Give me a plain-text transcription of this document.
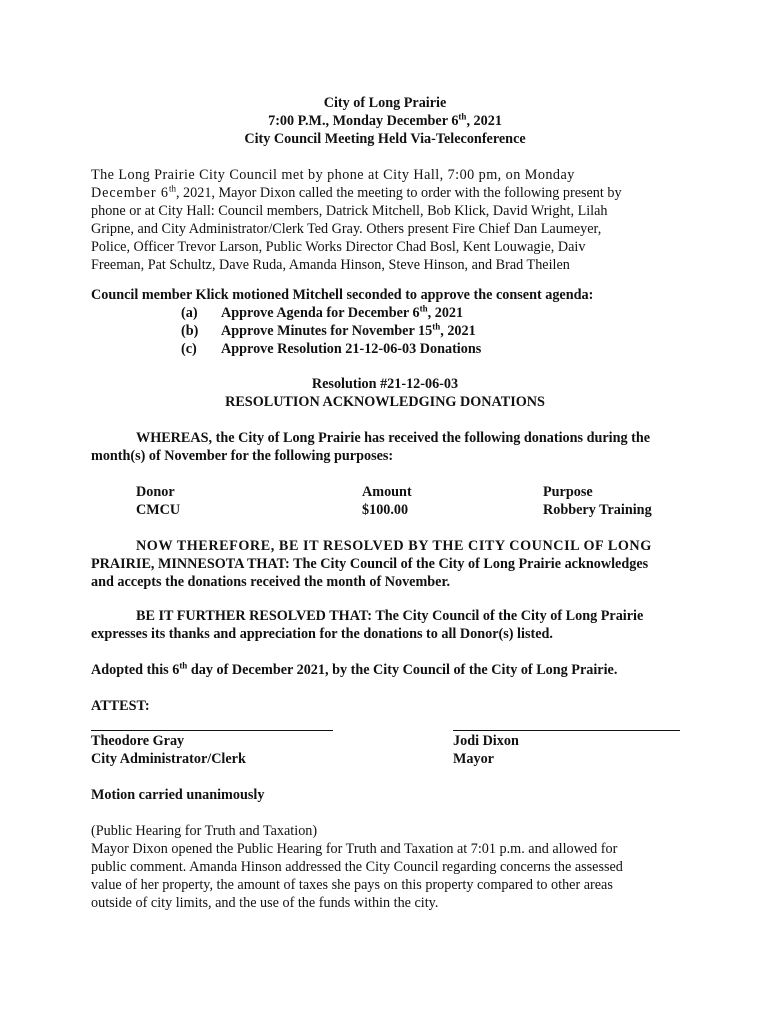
City of Long Prairie
7:00 P.M., Monday December 6th, 2021
City Council Meeting Held Via-Teleconference
The Long Prairie City Council met by phone at City Hall, 7:00 pm, on Monday
December 6th, 2021, Mayor Dixon called the meeting to order with the following present by
phone or at City Hall: Council members, Datrick Mitchell, Bob Klick, David Wright, Lilah
Gripne, and City Administrator/Clerk Ted Gray. Others present Fire Chief Dan Laumeyer,
Police, Officer Trevor Larson, Public Works Director Chad Bosl, Kent Louwagie, Daiv
Freeman, Pat Schultz, Dave Ruda, Amanda Hinson, Steve Hinson, and Brad Theilen
Council member Klick motioned Mitchell seconded to approve the consent agenda:
(a) Approve Agenda for December 6th, 2021
(b) Approve Minutes for November 15th, 2021
(c) Approve Resolution 21-12-06-03 Donations
Resolution #21-12-06-03
RESOLUTION ACKNOWLEDGING DONATIONS
WHEREAS, the City of Long Prairie has received the following donations during the
month(s) of November for the following purposes:
Donor	Amount	Purpose
CMCU	$100.00	Robbery Training
NOW THEREFORE, BE IT RESOLVED BY THE CITY COUNCIL OF LONG
PRAIRIE, MINNESOTA THAT: The City Council of the City of Long Prairie acknowledges
and accepts the donations received the month of November.
BE IT FURTHER RESOLVED THAT: The City Council of the City of Long Prairie
expresses its thanks and appreciation for the donations to all Donor(s) listed.
Adopted this 6th day of December 2021, by the City Council of the City of Long Prairie.
ATTEST:
Theodore Gray
City Administrator/Clerk
Jodi Dixon
Mayor
Motion carried unanimously
(Public Hearing for Truth and Taxation)
Mayor Dixon opened the Public Hearing for Truth and Taxation at 7:01 p.m. and allowed for
public comment. Amanda Hinson addressed the City Council regarding concerns the assessed
value of her property, the amount of taxes she pays on this property compared to other areas
outside of city limits, and the use of the funds within the city.
